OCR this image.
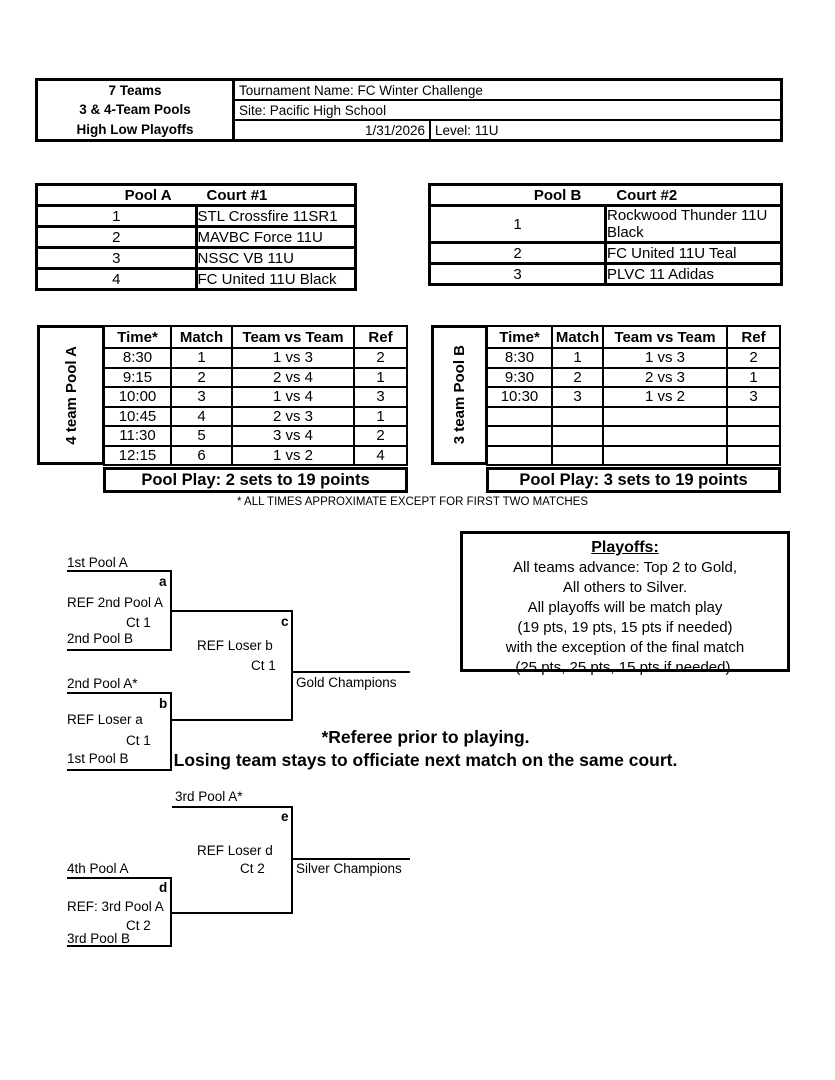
7 Teams
3 & 4-Team Pools
High Low Playoffs
Tournament Name: FC Winter Challenge
Site: Pacific High School
1/31/2026 Level: 11U
Pool A Court #1	
1	STL Crossfire 11SR1
2	MAVBC Force 11U
3	NSSC VB 11U
4	FC United 11U Black
Pool B Court #2	
1	Rockwood Thunder 11U Black
2	FC United 11U Teal
3	PLVC 11 Adidas
4 team Pool A
Time*	Match	Team vs Team	Ref
8:30	1	1 vs 3	2
9:15	2	2 vs 4	1
10:00	3	1 vs 4	3
10:45	4	2 vs 3	1
11:30	5	3 vs 4	2
12:15	6	1 vs 2	4
Pool Play: 2 sets to 19 points
3 team Pool B
Time*	Match	Team vs Team	Ref
8:30	1	1 vs 3	2
9:30	2	2 vs 3	1
10:30	3	1 vs 2	3

Pool Play: 3 sets to 19 points
* ALL TIMES APPROXIMATE EXCEPT FOR FIRST TWO MATCHES
Playoffs:
All teams advance: Top 2 to Gold,
All others to Silver.
All playoffs will be match play
(19 pts, 19 pts, 15 pts if needed)
with the exception of the final match
(25 pts, 25 pts, 15 pts if needed).
1st Pool A
a
REF 2nd Pool A
Ct 1
2nd Pool B
c
REF Loser b
Ct 1
Gold Champions
2nd Pool A*
b
REF Loser a
Ct 1
1st Pool B
*Referee prior to playing.
Losing team stays to officiate next match on the same court.
3rd Pool A*
e
REF Loser d
Ct 2 Silver Champions
4th Pool A
d
REF: 3rd Pool A
Ct 2
3rd Pool B
